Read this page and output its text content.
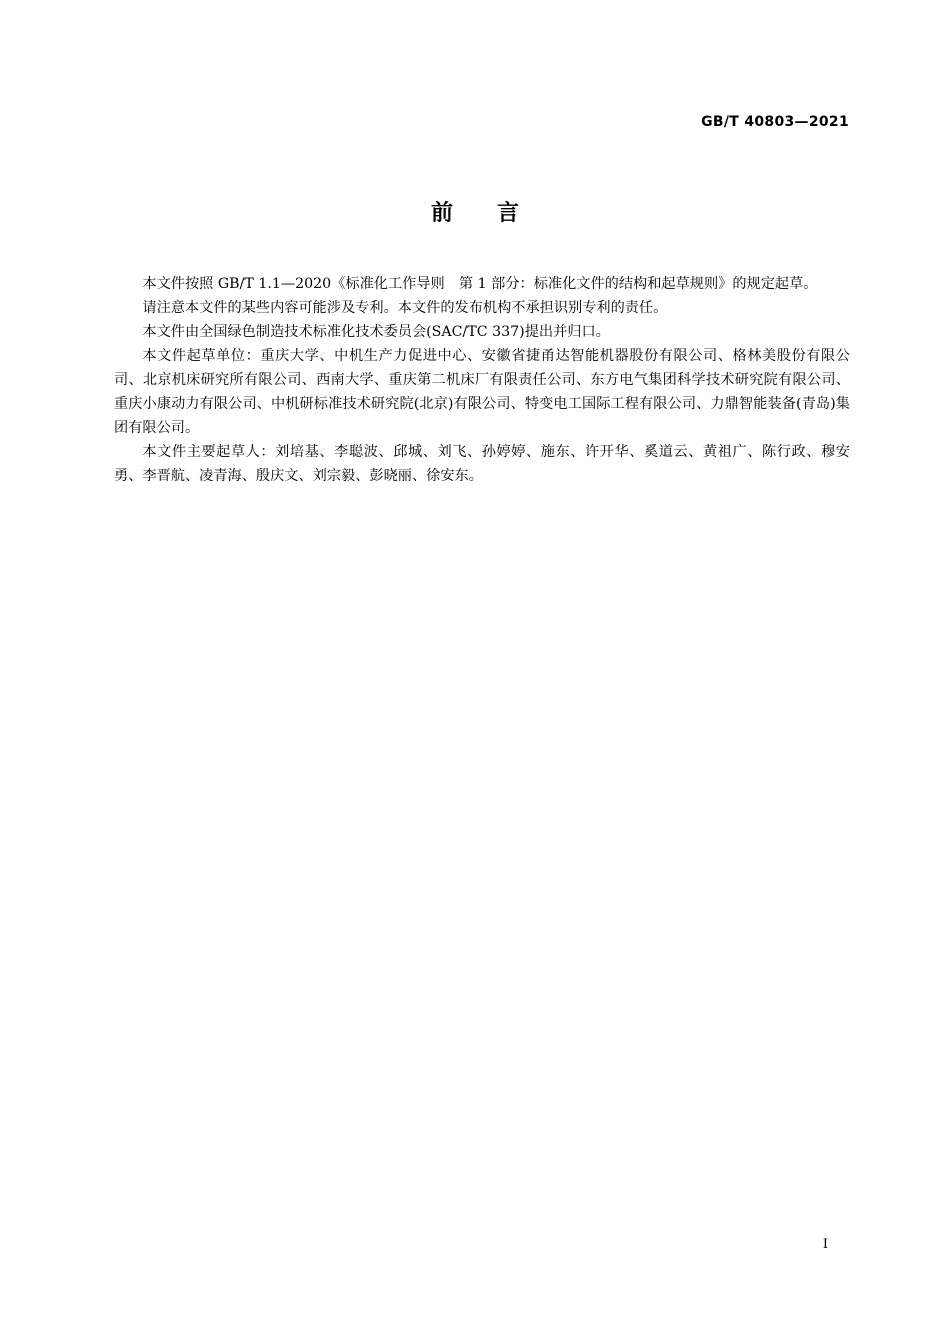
GB/T 40803—2021
前 言

本文件按照 GB/T 1.1—2020《标准化工作导则　第 1 部分：标准化文件的结构和起草规则》的规定起草。

请注意本文件的某些内容可能涉及专利。本文件的发布机构不承担识别专利的责任。

本文件由全国绿色制造技术标准化技术委员会(SAC/TC 337)提出并归口。

本文件起草单位：重庆大学、中机生产力促进中心、安徽省捷甬达智能机器股份有限公司、格林美股份有限公司、北京机床研究所有限公司、西南大学、重庆第二机床厂有限责任公司、东方电气集团科学技术研究院有限公司、重庆小康动力有限公司、中机研标准技术研究院(北京)有限公司、特变电工国际工程有限公司、力鼎智能装备(青岛)集团有限公司。

本文件主要起草人：刘培基、李聪波、邱城、刘飞、孙婷婷、施东、许开华、奚道云、黄祖广、陈行政、穆安勇、李晋航、凌青海、殷庆文、刘宗毅、彭晓丽、徐安东。

Ⅰ
